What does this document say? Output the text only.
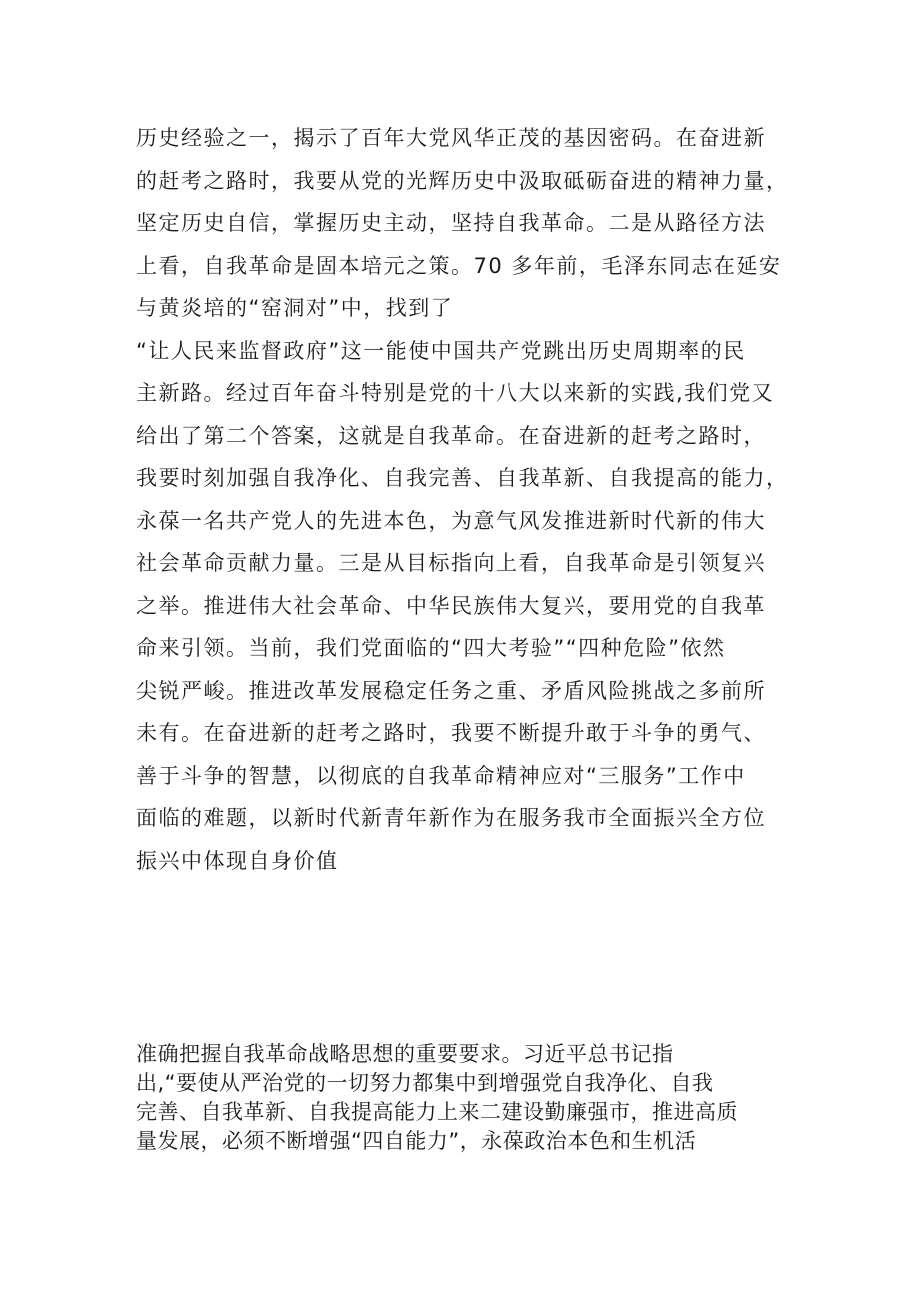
历史经验之一，揭示了百年大党风华正茂的基因密码。在奋进新
的赶考之路时，我要从党的光辉历史中汲取砥砺奋进的精神力量，
坚定历史自信，掌握历史主动，坚持自我革命。二是从路径方法
上看，自我革命是固本培元之策。70 多年前，毛泽东同志在延安
与黄炎培的“窑洞对”中，找到了
“让人民来监督政府”这一能使中国共产党跳出历史周期率的民
主新路。经过百年奋斗特别是党的十八大以来新的实践,我们党又
给出了第二个答案，这就是自我革命。在奋进新的赶考之路时，
我要时刻加强自我净化、自我完善、自我革新、自我提高的能力，
永葆一名共产党人的先进本色，为意气风发推进新时代新的伟大
社会革命贡献力量。三是从目标指向上看，自我革命是引领复兴
之举。推进伟大社会革命、中华民族伟大复兴，要用党的自我革
命来引领。当前，我们党面临的“四大考验”“四种危险”依然
尖锐严峻。推进改革发展稳定任务之重、矛盾风险挑战之多前所
未有。在奋进新的赶考之路时，我要不断提升敢于斗争的勇气、
善于斗争的智慧，以彻底的自我革命精神应对“三服务”工作中
面临的难题，以新时代新青年新作为在服务我市全面振兴全方位
振兴中体现自身价值
准确把握自我革命战略思想的重要要求。习近平总书记指
出,“要使从严治党的一切努力都集中到增强党自我净化、自我
完善、自我革新、自我提高能力上来二建设勤廉强市，推进高质
量发展，必须不断增强“四自能力”，永葆政治本色和生机活
